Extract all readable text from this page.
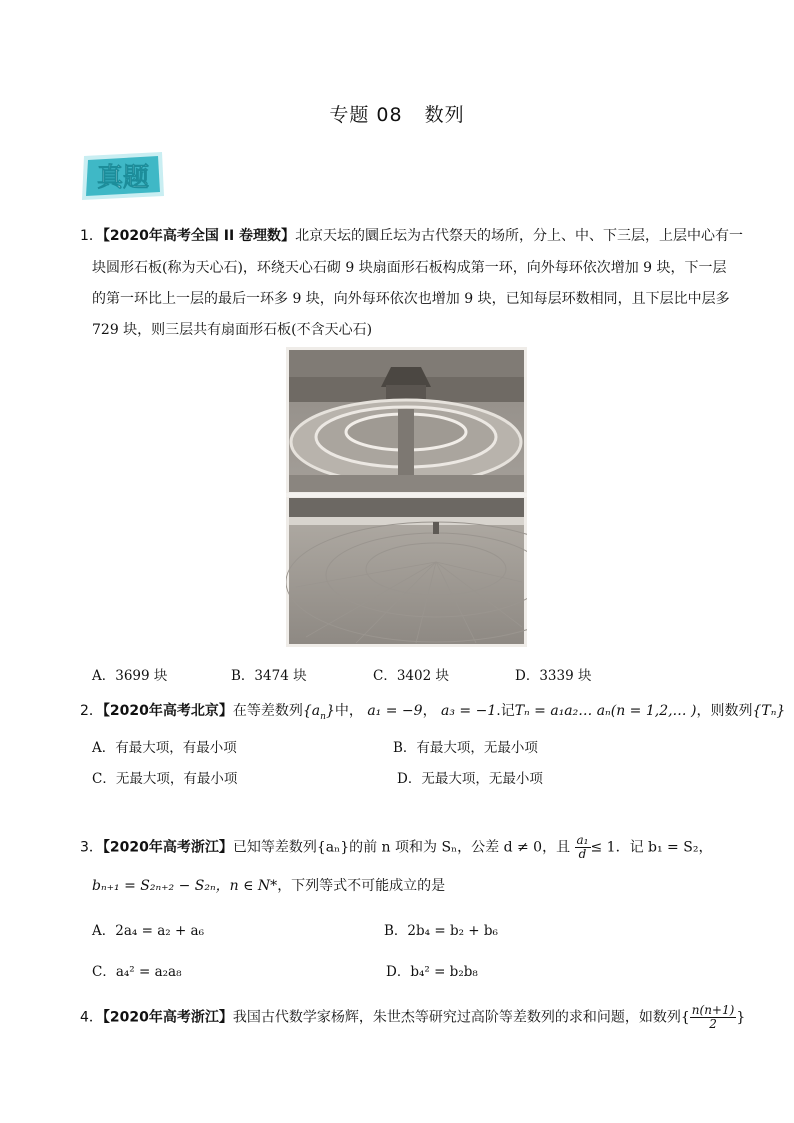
专题 08 数列
真题
1．【2020年高考全国 II 卷理数】北京天坛的圜丘坛为古代祭天的场所，分上、中、下三层，上层中心有一
块圆形石板(称为天心石)，环绕天心石砌 9 块扇面形石板构成第一环，向外每环依次增加 9 块，下一层
的第一环比上一层的最后一环多 9 块，向外每环依次也增加 9 块，已知每层环数相同，且下层比中层多
729 块，则三层共有扇面形石板(不含天心石)
A．3699 块	B．3474 块	C．3402 块	D．3339 块
2．【2020年高考北京】在等差数列$\{a_n\}$中， a₁ = −9， a₃ = −1.记Tₙ = a₁a₂… aₙ(n = 1,2,… )，则数列{Tₙ}
A．有最大项，有最小项	B．有最大项，无最小项
C．无最大项，有最小项	D．无最大项，无最小项
3．【2020年高考浙江】已知等差数列{aₙ}的前 n 项和为 Sₙ，公差 d ≠ 0，且 $\frac{\text{a₁}}{d} \le 1$．记 b₁ = S₂，
bₙ₊₁ = S₂ₙ₊₂ − S₂ₙ，n ∈ N*，下列等式不可能成立的是
A．2a₄ = a₂ + a₆	B．2b₄ = b₂ + b₆
C．a₄² = a₂a₈	D．b₄² = b₂b₈
4．【2020年高考浙江】我国古代数学家杨辉，朱世杰等研究过高阶等差数列的求和问题，如数列{ $\frac{n(n+1)}{2}$ }
